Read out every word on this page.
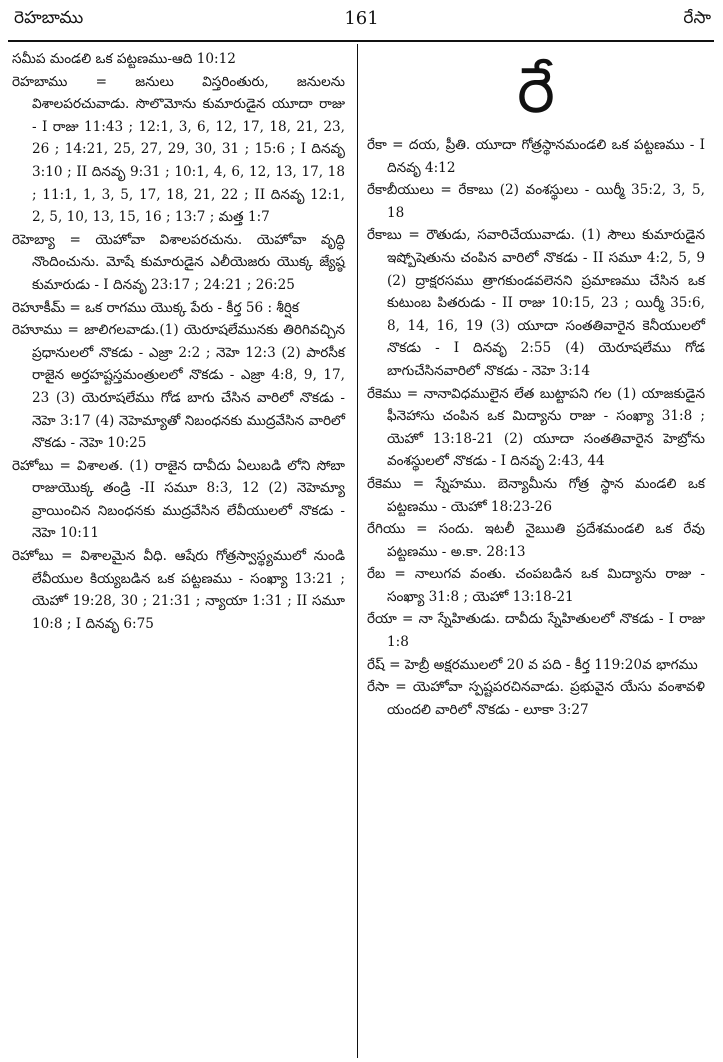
రెహబాము	161	రేసా

సమీప మండలి ఒక పట్టణము-ఆది 10:12

రెహబాము = జనులు విస్తరింతురు, జనులను విశాలపరచువాడు. సొలొమోను కుమారుడైన యూదా రాజు - I రాజు 11:43 ; 12:1, 3, 6, 12, 17, 18, 21, 23, 26 ; 14:21, 25, 27, 29, 30, 31 ; 15:6 ; I దినవృ 3:10 ; II దినవృ 9:31 ; 10:1, 4, 6, 12, 13, 17, 18 ; 11:1, 1, 3, 5, 17, 18, 21, 22 ; II దినవృ 12:1, 2, 5, 10, 13, 15, 16 ; 13:7 ; మత్త 1:7

రెహెబ్యా = యెహోవా విశాలపరచును. యెహోవా వృద్ధి నొందించును. మోషే కుమారుడైన ఎలీయెజరు యొక్క జ్యేష్ఠ కుమారుడు - I దినవృ 23:17 ; 24:21 ; 26:25

రెహూకీమ్ = ఒక రాగము యొక్క పేరు - కీర్త 56 : శీర్షిక

రెహూము = జాలిగలవాడు.(1) యెరూషలేమునకు తిరిగివచ్చిన ప్రధానులలో నొకడు - ఎజ్రా 2:2 ; నెహె 12:3 (2) పారసీక రాజైన అర్తహష్టస్తమంత్రులలో నొకడు - ఎజ్రా 4:8, 9, 17, 23 (3) యెరూషలేము గోడ బాగు చేసిన వారిలో నొకడు - నెహె 3:17 (4) నెహెమ్యాతో నిబంధనకు ముద్రవేసిన వారిలో నొకడు - నెహె 10:25

రెహోబు = విశాలత. (1) రాజైన దావీదు ఏలుబడి లోని సోబా రాజుయొక్క తండ్రి -II సమూ 8:3, 12 (2) నెహెమ్యా వ్రాయించిన నిబంధనకు ముద్రవేసిన లేవీయులలో నొకడు - నెహె 10:11

రెహోబు = విశాలమైన వీధి. ఆషేరు గోత్రస్వాస్థ్యములో నుండి లేవీయుల కియ్యబడిన ఒక పట్టణము - సంఖ్యా 13:21 ; యెహో 19:28, 30 ; 21:31 ; న్యాయా 1:31 ; II సమూ 10:8 ; I దినవృ 6:75

రే

రేకా = దయ, ప్రీతి. యూదా గోత్రస్థానమండలి ఒక పట్టణము - I దినవృ 4:12

రేకాబీయులు = రేకాబు (2) వంశస్థులు - యిర్మీ 35:2, 3, 5, 18

రేకాబు = రౌతుడు, సవారిచేయువాడు. (1) సౌలు కుమారుడైన ఇష్బోషెతును చంపిన వారిలో నొకడు - II సమూ 4:2, 5, 9 (2) ద్రాక్షరసము త్రాగకుండవలెనని ప్రమాణము చేసిన ఒక కుటుంబ పితరుడు - II రాజు 10:15, 23 ; యిర్మీ 35:6, 8, 14, 16, 19 (3) యూదా సంతతివారైన కెనీయులలో నొకడు - I దినవృ 2:55 (4) యెరూషలేము గోడ బాగుచేసినవారిలో నొకడు - నెహె 3:14

రేకెము = నానావిధములైన లేత బుట్టాపని గల (1) యాజకుడైన ఫీనెహాసు చంపిన ఒక మిద్యాను రాజు - సంఖ్యా 31:8 ; యెహో 13:18-21 (2) యూదా సంతతివారైన హెబ్రోను వంశస్థులలో నొకడు - I దినవృ 2:43, 44

రేకెము = స్నేహము. బెన్యామీను గోత్ర స్థాన మండలి ఒక పట్టణము - యెహో 18:23-26

రేగియు = సందు. ఇటలీ నైఋతి ప్రదేశమండలి ఒక రేవు పట్టణము - అ.కా. 28:13

రేబ = నాలుగవ వంతు. చంపబడిన ఒక మిద్యాను రాజు - సంఖ్యా 31:8 ; యెహో 13:18-21

రేయా = నా స్నేహితుడు. దావీదు స్నేహితులలో నొకడు - I రాజు 1:8

రేష్ = హెబ్రీ అక్షరములలో 20 వ పది - కీర్త 119:20వ భాగము

రేసా = యెహోవా స్పష్టపరచినవాడు. ప్రభువైన యేసు వంశావళి యందలి వారిలో నొకడు - లూకా 3:27
